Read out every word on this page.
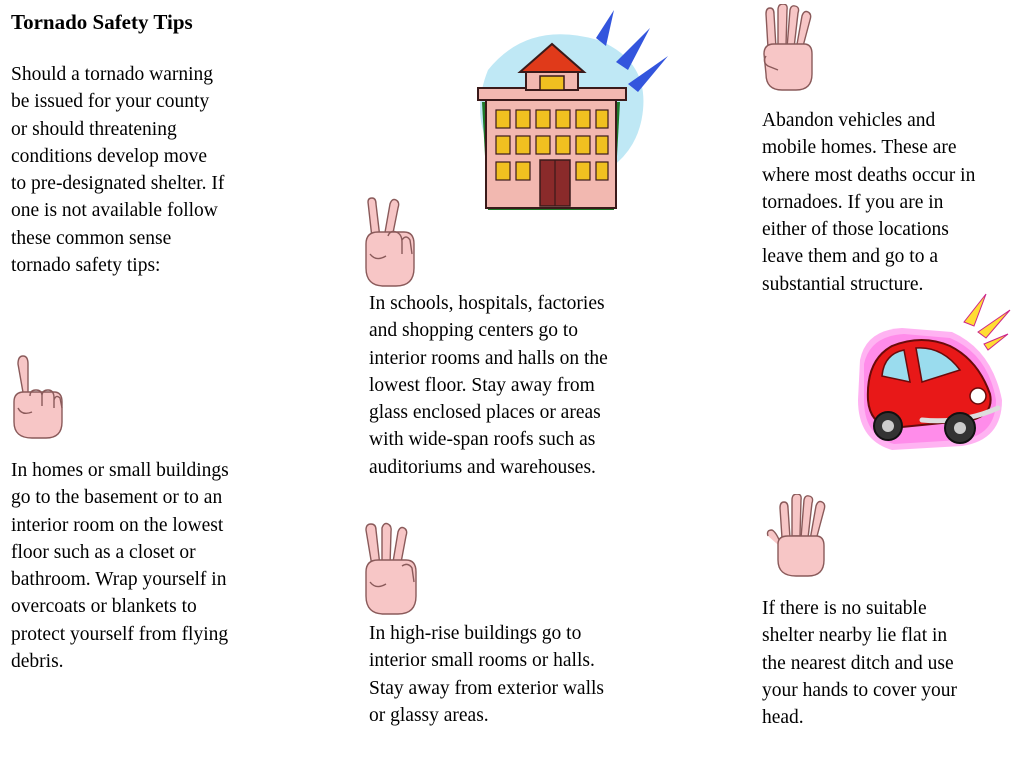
Tornado Safety Tips

Should a tornado warning
be issued for your county
or should threatening
conditions develop move
to pre-designated shelter. If
one is not available follow
these common sense
tornado safety tips:

In homes or small buildings
go to the basement or to an
interior room on the lowest
floor such as a closet or
bathroom. Wrap yourself in
overcoats or blankets to
protect yourself from flying
debris.

In schools, hospitals, factories
and shopping centers go to
interior rooms and halls on the
lowest floor. Stay away from
glass enclosed places or areas
with wide-span roofs such as
auditoriums and warehouses.

In high-rise buildings go to
interior small rooms or halls.
Stay away from exterior walls
or glassy areas.

Abandon vehicles and
mobile homes. These are
where most deaths occur in
tornadoes. If you are in
either of those locations
leave them and go to a
substantial structure.

If there is no suitable
shelter nearby lie flat in
the nearest ditch and use
your hands to cover your
head.
